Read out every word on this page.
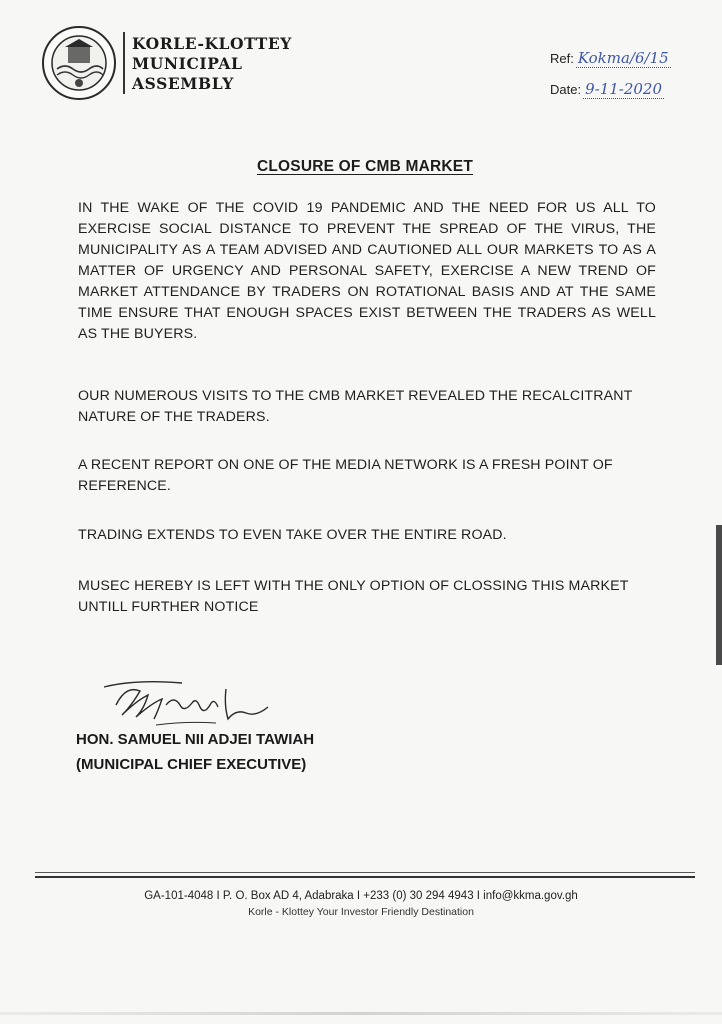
KORLE-KLOTTEY
MUNICIPAL
ASSEMBLY
Ref: Kokma/6/15
Date: 9-11-2020
CLOSURE OF CMB MARKET

IN THE WAKE OF THE COVID 19 PANDEMIC AND THE NEED FOR US ALL TO EXERCISE SOCIAL DISTANCE TO PREVENT THE SPREAD OF THE VIRUS, THE MUNICIPALITY AS A TEAM ADVISED AND CAUTIONED ALL OUR MARKETS TO AS A MATTER OF URGENCY AND PERSONAL SAFETY, EXERCISE A NEW TREND OF MARKET ATTENDANCE BY TRADERS ON ROTATIONAL BASIS AND AT THE SAME TIME ENSURE THAT ENOUGH SPACES EXIST BETWEEN THE TRADERS AS WELL AS THE BUYERS.

OUR NUMEROUS VISITS TO THE CMB MARKET REVEALED THE RECALCITRANT NATURE OF THE TRADERS.

A RECENT REPORT ON ONE OF THE MEDIA NETWORK IS A FRESH POINT OF REFERENCE.

TRADING EXTENDS TO EVEN TAKE OVER THE ENTIRE ROAD.

MUSEC HEREBY IS LEFT WITH THE ONLY OPTION OF CLOSSING THIS MARKET UNTILL FURTHER NOTICE

HON. SAMUEL NII ADJEI TAWIAH
(MUNICIPAL CHIEF EXECUTIVE)
GA-101-4048 I P. O. Box AD 4, Adabraka I +233 (0) 30 294 4943 I info@kkma.gov.gh
Korle - Klottey Your Investor Friendly Destination
